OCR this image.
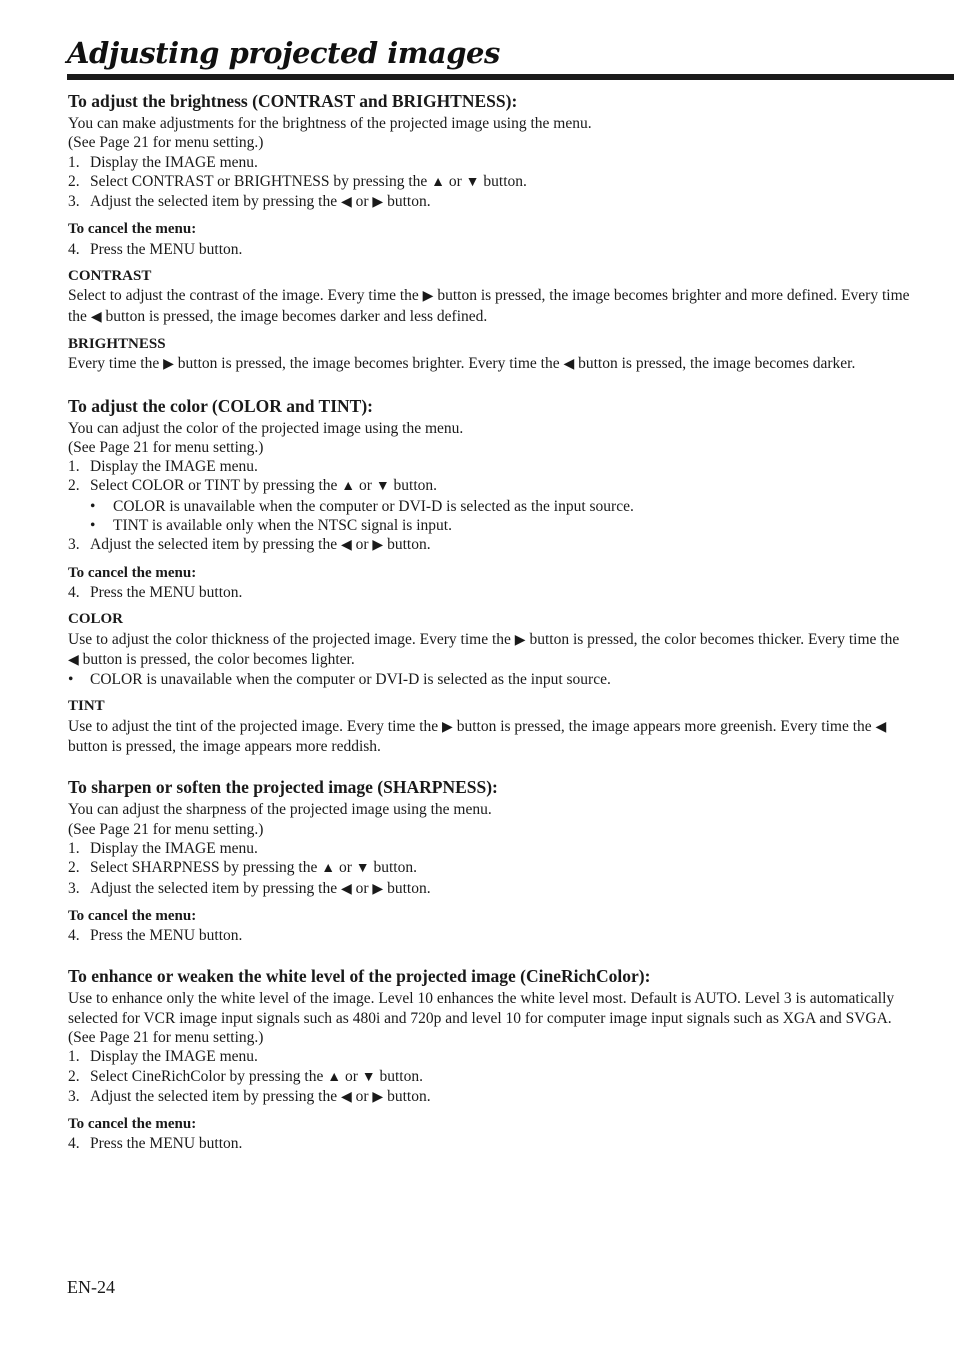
Adjusting projected images
To adjust the brightness (CONTRAST and BRIGHTNESS):

You can make adjustments for the brightness of the projected image using the menu.

(See Page 21 for menu setting.)

1. Display the IMAGE menu.

2. Select CONTRAST or BRIGHTNESS by pressing the ▲ or ▼ button.

3. Adjust the selected item by pressing the ◀ or ▶ button.

To cancel the menu:

4. Press the MENU button.

CONTRAST

Select to adjust the contrast of the image. Every time the ▶ button is pressed, the image becomes brighter and more defined. Every time the ◀ button is pressed, the image becomes darker and less defined.

BRIGHTNESS

Every time the ▶ button is pressed, the image becomes brighter. Every time the ◀ button is pressed, the image becomes darker.

To adjust the color (COLOR and TINT):

You can adjust the color of the projected image using the menu.

(See Page 21 for menu setting.)

1. Display the IMAGE menu.

2. Select COLOR or TINT by pressing the ▲ or ▼ button.

• COLOR is unavailable when the computer or DVI-D is selected as the input source.

• TINT is available only when the NTSC signal is input.

3. Adjust the selected item by pressing the ◀ or ▶ button.

To cancel the menu:

4. Press the MENU button.

COLOR

Use to adjust the color thickness of the projected image. Every time the ▶ button is pressed, the color becomes thicker. Every time the ◀ button is pressed, the color becomes lighter.

• COLOR is unavailable when the computer or DVI-D is selected as the input source.

TINT

Use to adjust the tint of the projected image. Every time the ▶ button is pressed, the image appears more greenish. Every time the ◀ button is pressed, the image appears more reddish.

To sharpen or soften the projected image (SHARPNESS):

You can adjust the sharpness of the projected image using the menu.

(See Page 21 for menu setting.)

1. Display the IMAGE menu.

2. Select SHARPNESS by pressing the ▲ or ▼ button.

3. Adjust the selected item by pressing the ◀ or ▶ button.

To cancel the menu:

4. Press the MENU button.

To enhance or weaken the white level of the projected image (CineRichColor):

Use to enhance only the white level of the image. Level 10 enhances the white level most. Default is AUTO. Level 3 is automatically selected for VCR image input signals such as 480i and 720p and level 10 for computer image input signals such as XGA and SVGA. (See Page 21 for menu setting.)

1. Display the IMAGE menu.

2. Select CineRichColor by pressing the ▲ or ▼ button.

3. Adjust the selected item by pressing the ◀ or ▶ button.

To cancel the menu:

4. Press the MENU button.

EN-24
